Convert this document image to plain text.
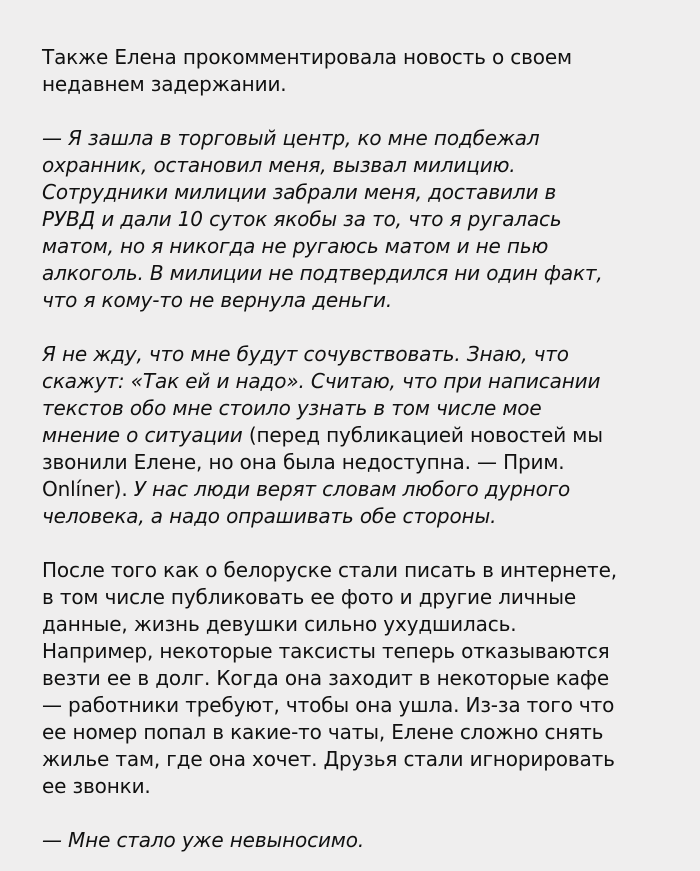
Также Елена прокомментировала новость о своем
недавнем задержании.

— Я зашла в торговый центр, ко мне подбежал
охранник, остановил меня, вызвал милицию.
Сотрудники милиции забрали меня, доставили в
РУВД и дали 10 суток якобы за то, что я ругалась
матом, но я никогда не ругаюсь матом и не пью
алкоголь. В милиции не подтвердился ни один факт,
что я кому-то не вернула деньги.

Я не жду, что мне будут сочувствовать. Знаю, что
скажут: «Так ей и надо». Считаю, что при написании
текстов обо мне стоило узнать в том числе мое
мнение о ситуации (перед публикацией новостей мы
звонили Елене, но она была недоступна. — Прим.
Onlíner). У нас люди верят словам любого дурного
человека, а надо опрашивать обе стороны.

После того как о белоруске стали писать в интернете,
в том числе публиковать ее фото и другие личные
данные, жизнь девушки сильно ухудшилась.
Например, некоторые таксисты теперь отказываются
везти ее в долг. Когда она заходит в некоторые кафе
— работники требуют, чтобы она ушла. Из-за того что
ее номер попал в какие-то чаты, Елене сложно снять
жилье там, где она хочет. Друзья стали игнорировать
ее звонки.

— Мне стало уже невыносимо.
